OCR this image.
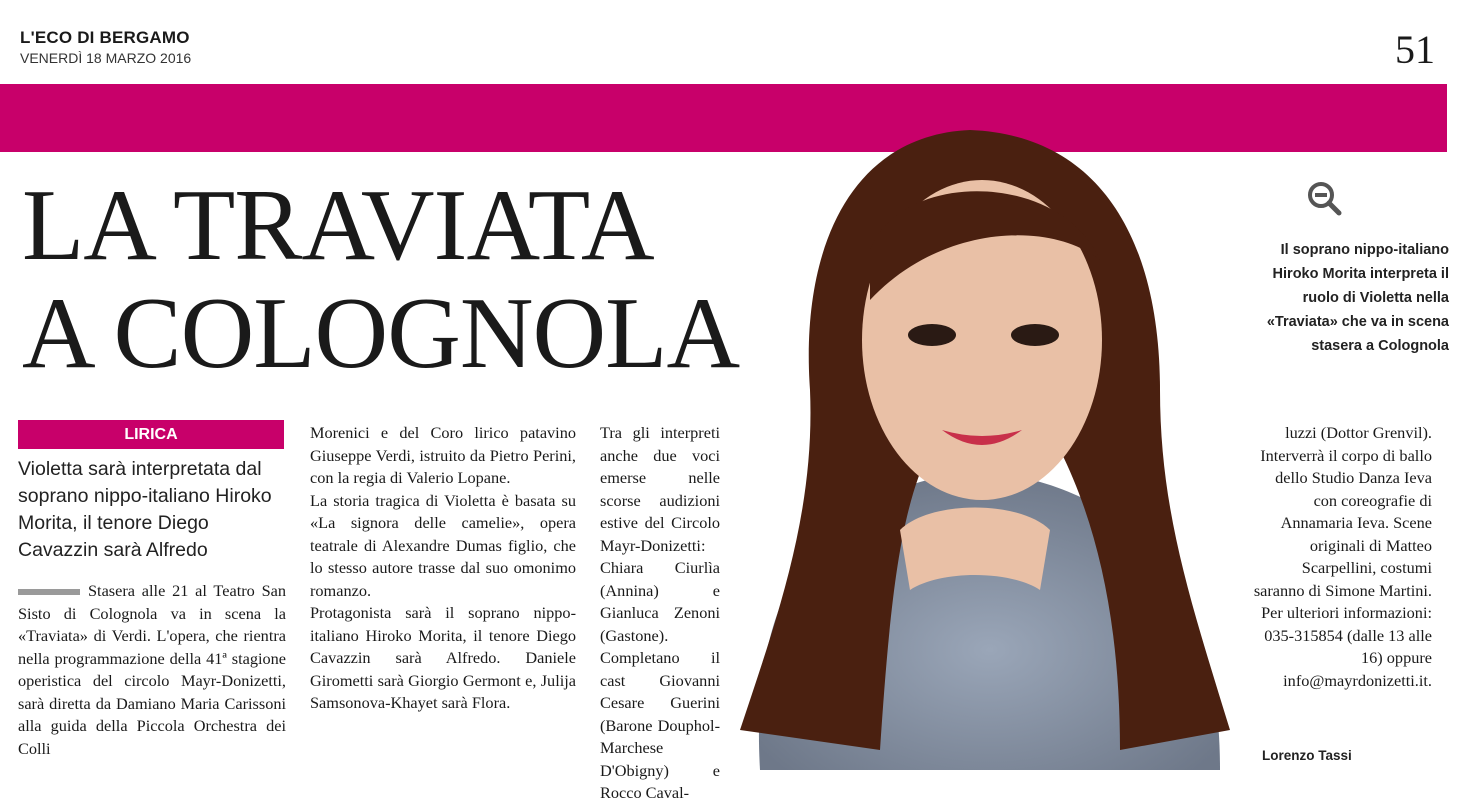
L'ECO DI BERGAMO
VENERDÌ 18 MARZO 2016	51
LA TRAVIATA
A COLOGNOLA
Il soprano nippo-italiano
Hiroko Morita interpreta il
ruolo di Violetta nella
«Traviata» che va in scena
stasera a Colognola
LIRICA
Violetta sarà interpretata dal soprano nippo-italiano Hiroko Morita, il tenore Diego Cavazzin sarà Alfredo

Stasera alle 21 al Teatro San Sisto di Colognola va in scena la «Traviata» di Verdi. L'opera, che rientra nella programmazione della 41ª stagione operistica del circolo Mayr-Donizetti, sarà diretta da Damiano Maria Carissoni alla guida della Piccola Orchestra dei Colli

Morenici e del Coro lirico patavino Giuseppe Verdi, istruito da Pietro Perini, con la regia di Valerio Lopane.

La storia tragica di Violetta è basata su «La signora delle camelie», opera teatrale di Alexandre Dumas figlio, che lo stesso autore trasse dal suo omonimo romanzo.

Protagonista sarà il soprano nippo-italiano Hiroko Morita, il tenore Diego Cavazzin sarà Alfredo. Daniele Girometti sarà Giorgio Germont e, Julija Samsonova-Khayet sarà Flora.

Tra gli interpreti anche due voci emerse nelle scorse audizioni estive del Circolo Mayr-Donizetti: Chiara Ciurlìa (Annina) e Gianluca Zenoni (Gastone). Completano il cast Giovanni Cesare Guerini (Barone Douphol-Marchese D'Obigny) e Rocco Caval-

luzzi (Dottor Grenvil).

Interverrà il corpo di ballo dello Studio Danza Ieva con coreografie di Annamaria Ieva. Scene originali di Matteo Scarpellini, costumi saranno di Simone Martini.

Per ulteriori informazioni: 035-315854 (dalle 13 alle 16) oppure info@mayrdonizetti.it.

Lorenzo Tassi
